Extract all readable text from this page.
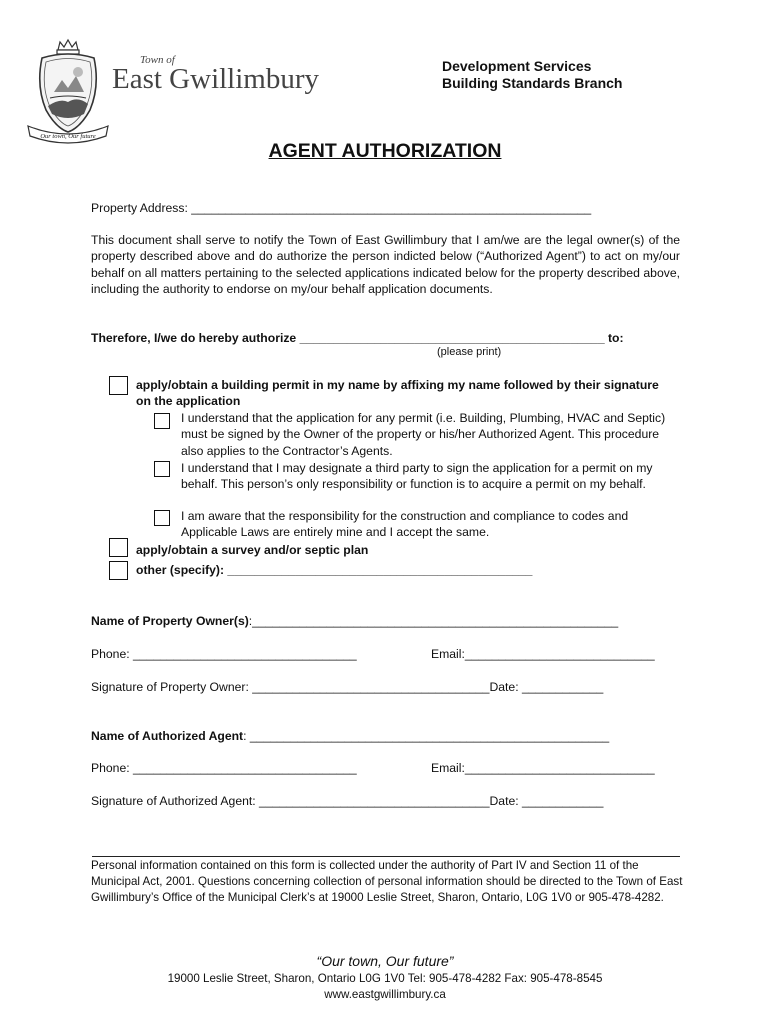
Our town, Our future
Town of
East Gwillimbury	Development Services
Building Standards Branch
AGENT AUTHORIZATION
Property Address: ___________________________________________________________
This document shall serve to notify the Town of East Gwillimbury that I am/we are the legal owner(s) of the property described above and do authorize the person indicted below (“Authorized Agent”) to act on my/our behalf on all matters pertaining to the selected applications indicated below for the property described above, including the authority to endorse on my/our behalf application documents.
Therefore, I/we do hereby authorize _____________________________________________ to:
(please print)
apply/obtain a building permit in my name by affixing my name followed by their signature on the application
I understand that the application for any permit (i.e. Building, Plumbing, HVAC and Septic) must be signed by the Owner of the property or his/her Authorized Agent. This procedure also applies to the Contractor’s Agents.
I understand that I may designate a third party to sign the application for a permit on my behalf. This person’s only responsibility or function is to acquire a permit on my behalf.
I am aware that the responsibility for the construction and compliance to codes and Applicable Laws are entirely mine and I accept the same.
apply/obtain a survey and/or septic plan
other (specify): _____________________________________________
Name of Property Owner(s):______________________________________________________
Phone: _________________________________	Email:____________________________
Signature of Property Owner: ___________________________________Date: ____________
Name of Authorized Agent: _____________________________________________________
Phone: _________________________________	Email:____________________________
Signature of Authorized Agent: __________________________________Date: ____________
Personal information contained on this form is collected under the authority of Part IV and Section 11 of the Municipal Act, 2001. Questions concerning collection of personal information should be directed to the Town of East Gwillimbury’s Office of the Municipal Clerk’s at 19000 Leslie Street, Sharon, Ontario, L0G 1V0 or 905-478-4282.
“Our town, Our future”
19000 Leslie Street, Sharon, Ontario L0G 1V0 Tel: 905-478-4282 Fax: 905-478-8545
www.eastgwillimbury.ca
